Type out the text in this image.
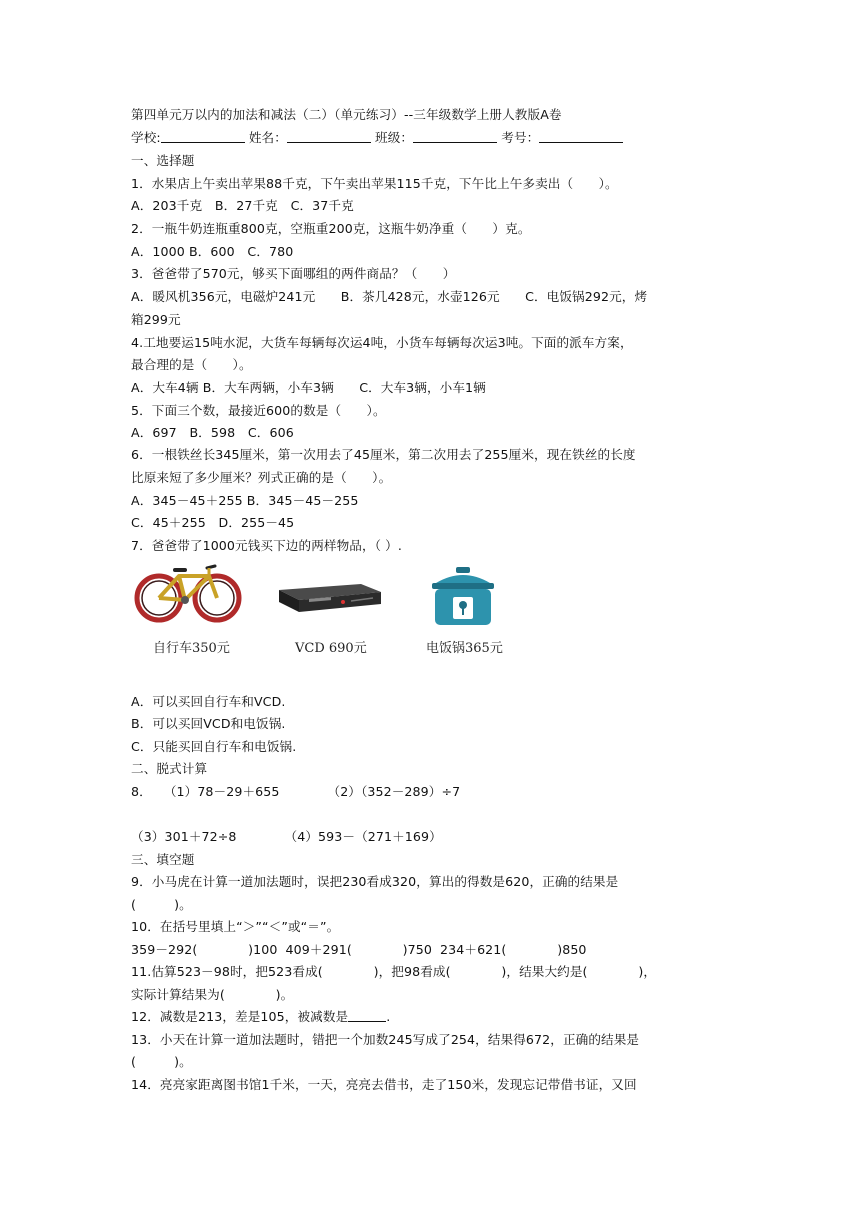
第四单元万以内的加法和减法（二）（单元练习）--三年级数学上册人教版A卷
学校:	姓名：	班级：	考号：
一、选择题
1．水果店上午卖出苹果88千克，下午卖出苹果115千克，下午比上午多卖出（　　）。
A．203千克　B．27千克　C．37千克
2．一瓶牛奶连瓶重800克，空瓶重200克，这瓶牛奶净重（　　）克。
A．1000 B．600　C．780
3．爸爸带了570元，够买下面哪组的两件商品？（　　）
A．暖风机356元，电磁炉241元　　B．茶几428元，水壶126元　　C．电饭锅292元，烤
箱299元
4.工地要运15吨水泥，大货车每辆每次运4吨，小货车每辆每次运3吨。下面的派车方案，
最合理的是（　　）。
A．大车4辆 B．大车两辆，小车3辆　　C．大车3辆，小车1辆
5．下面三个数，最接近600的数是（　　）。
A．697　B．598　C．606
6．一根铁丝长345厘米，第一次用去了45厘米，第二次用去了255厘米，现在铁丝的长度
比原来短了多少厘米？列式正确的是（　　）。
A．345－45＋255 B．345－45－255
C．45＋255　D．255－45
7．爸爸带了1000元钱买下边的两样物品，（ ）.
自行车350元	VCD 690元	电饭锅365元
A．可以买回自行车和VCD.
B．可以买回VCD和电饭锅.
C．只能买回自行车和电饭锅.
二、脱式计算
8． （1）78－29＋655	（2）（352－289）÷7
（3）301＋72÷8	（4）593－（271＋169）
三、填空题
9．小马虎在计算一道加法题时，误把230看成320，算出的得数是620，正确的结果是
(　　　)。
10．在括号里填上“＞”“＜”或“＝”。
359－292(　　　　)100 409＋291(　　　　)750 234＋621(　　　　)850
11.估算523－98时，把523看成(　　　　)，把98看成(　　　　)，结果大约是(　　　　)，
实际计算结果为(　　　　)。
12．减数是213，差是105，被减数是	.
13．小天在计算一道加法题时，错把一个加数245写成了254，结果得672，正确的结果是
(　　　)。
14．亮亮家距离图书馆1千米，一天，亮亮去借书，走了150米，发现忘记带借书证，又回
